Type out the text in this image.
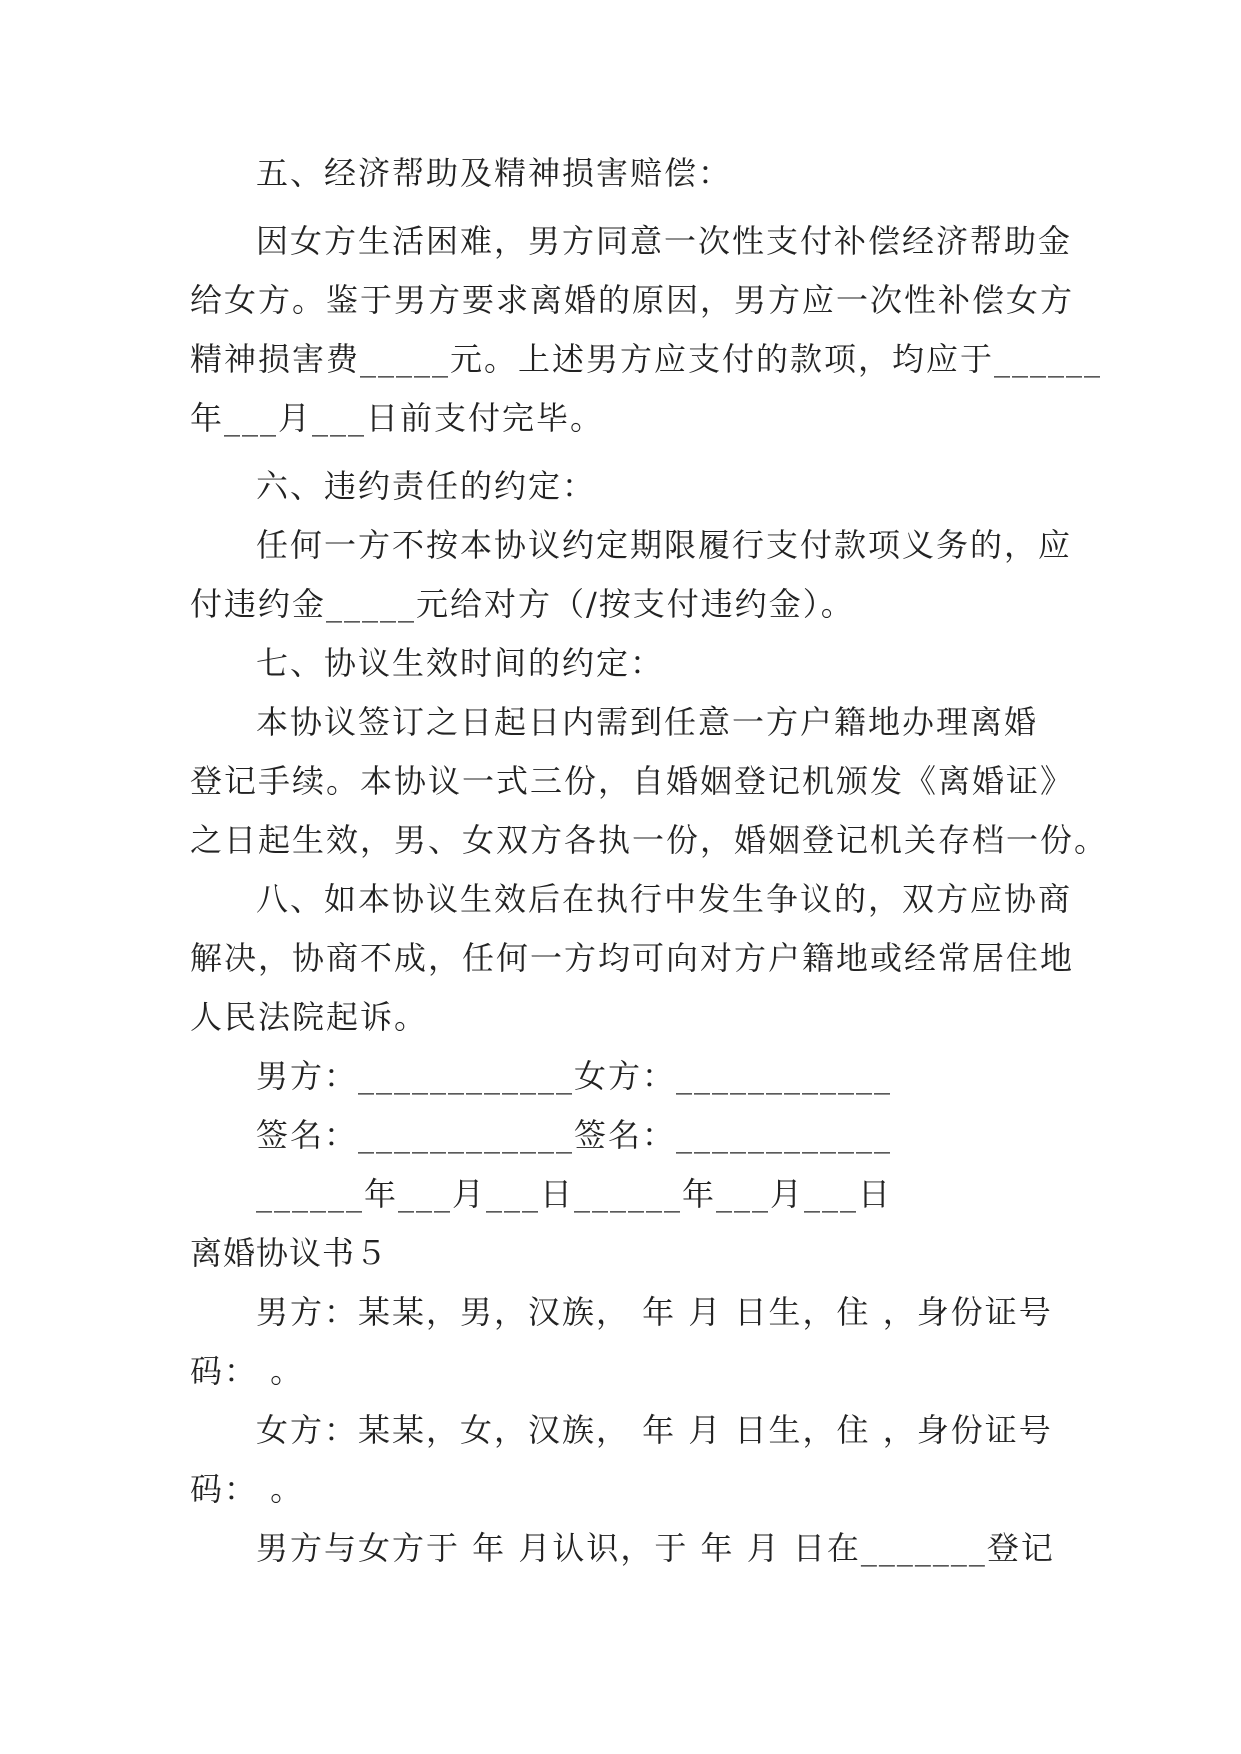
五、经济帮助及精神损害赔偿：
因女方生活困难，男方同意一次性支付补偿经济帮助金
给女方。鉴于男方要求离婚的原因，男方应一次性补偿女方
精神损害费_____元。上述男方应支付的款项，均应于______
年___月___日前支付完毕。
六、违约责任的约定：
任何一方不按本协议约定期限履行支付款项义务的，应
付违约金_____元给对方（/按支付违约金）。
七、协议生效时间的约定：
本协议签订之日起日内需到任意一方户籍地办理离婚
登记手续。本协议一式三份，自婚姻登记机颁发《离婚证》
之日起生效，男、女双方各执一份，婚姻登记机关存档一份。
八、如本协议生效后在执行中发生争议的，双方应协商
解决，协商不成，任何一方均可向对方户籍地或经常居住地
人民法院起诉。
男方：____________女方：____________
签名：____________签名：____________
______年___月___日______年___月___日
离婚协议书５
男方：某某，男，汉族， 年 月 日生，住 ，身份证号
码： 。
女方：某某，女，汉族， 年 月 日生，住 ，身份证号
码： 。
男方与女方于 年 月认识，于 年 月 日在_______登记
